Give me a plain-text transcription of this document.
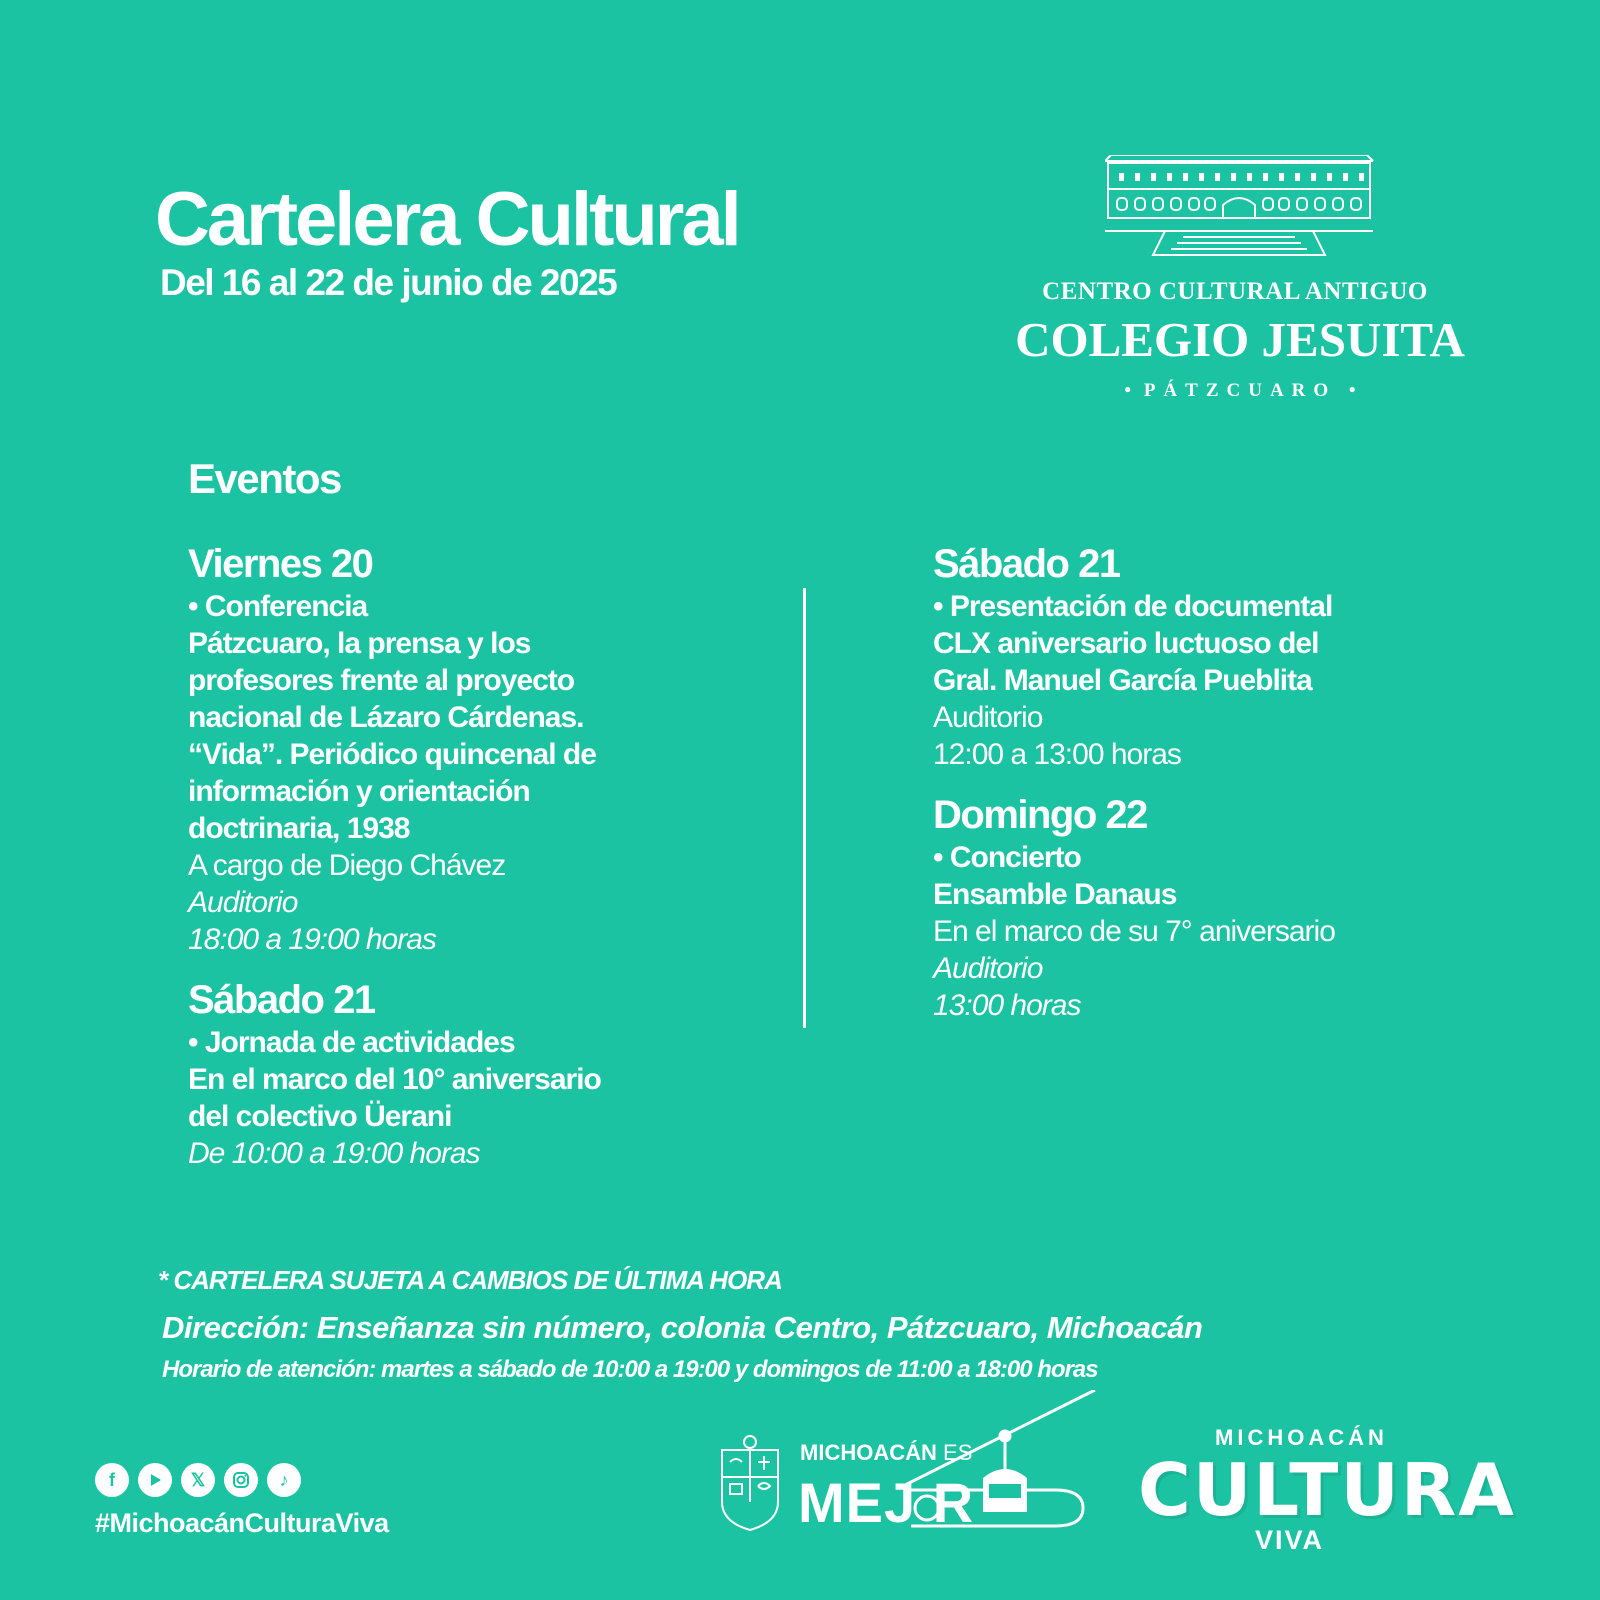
Cartelera Cultural
Del 16 al 22 de junio de 2025	CENTRO CULTURAL ANTIGUO
COLEGIO JESUITA
• PÁTZCUARO •
Eventos
Viernes 20
• Conferencia
Pátzcuaro, la prensa y los
profesores frente al proyecto
nacional de Lázaro Cárdenas.
“Vida”. Periódico quincenal de
información y orientación
doctrinaria, 1938
A cargo de Diego Chávez
Auditorio
18:00 a 19:00 horas
Sábado 21
• Jornada de actividades
En el marco del 10° aniversario
del colectivo Üerani
De 10:00 a 19:00 horas
Sábado 21
• Presentación de documental
CLX aniversario luctuoso del
Gral. Manuel García Pueblita
Auditorio
12:00 a 13:00 horas
Domingo 22
• Concierto
Ensamble Danaus
En el marco de su 7° aniversario
Auditorio
13:00 horas
* CARTELERA SUJETA A CAMBIOS DE ÚLTIMA HORA
Dirección: Enseñanza sin número, colonia Centro, Pátzcuaro, Michoacán
Horario de atención: martes a sábado de 10:00 a 19:00 y domingos de 11:00 a 18:00 horas
f	𝕏	♪
#MichoacánCulturaViva
MICHOACÁN ES
MEJ R
MICHOACÁN
CULTURA
VIVA
